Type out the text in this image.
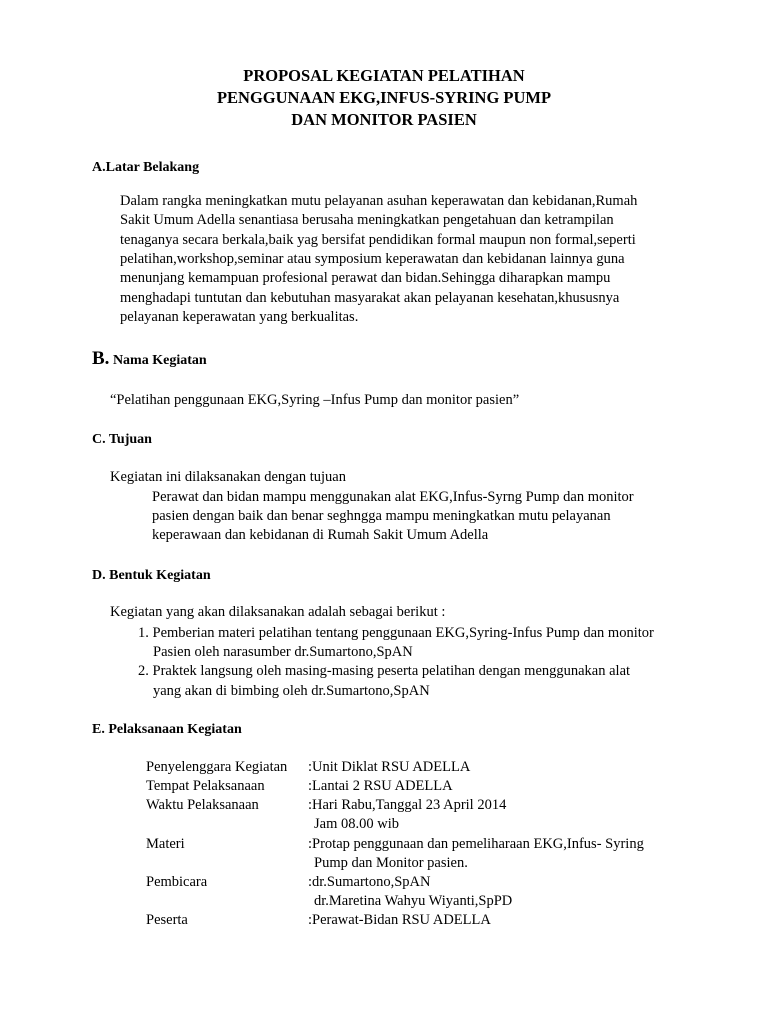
PROPOSAL KEGIATAN PELATIHAN
PENGGUNAAN EKG,INFUS-SYRING PUMP
DAN MONITOR PASIEN
A.Latar Belakang
Dalam rangka meningkatkan mutu pelayanan asuhan keperawatan dan kebidanan,Rumah
Sakit Umum Adella senantiasa berusaha meningkatkan pengetahuan dan ketrampilan
tenaganya secara berkala,baik yag bersifat pendidikan formal maupun non formal,seperti
pelatihan,workshop,seminar atau symposium keperawatan dan kebidanan lainnya guna
menunjang kemampuan profesional perawat dan bidan.Sehingga diharapkan mampu
menghadapi tuntutan dan kebutuhan masyarakat akan pelayanan kesehatan,khususnya
pelayanan keperawatan yang berkualitas.
B. Nama Kegiatan
“Pelatihan penggunaan EKG,Syring –Infus Pump dan monitor pasien”
C. Tujuan
Kegiatan ini dilaksanakan dengan tujuan
Perawat dan bidan mampu menggunakan alat EKG,Infus-Syrng Pump dan monitor
pasien dengan baik dan benar seghngga mampu meningkatkan mutu pelayanan
keperawaan dan kebidanan di Rumah Sakit Umum Adella
D. Bentuk Kegiatan
Kegiatan yang akan dilaksanakan adalah sebagai berikut :
1. Pemberian materi pelatihan tentang penggunaan EKG,Syring-Infus Pump dan monitor
Pasien oleh narasumber dr.Sumartono,SpAN
2. Praktek langsung oleh masing-masing peserta pelatihan dengan menggunakan alat
yang akan di bimbing oleh dr.Sumartono,SpAN
E. Pelaksanaan Kegiatan
Penyelenggara Kegiatan :Unit Diklat RSU ADELLA
Tempat Pelaksanaan	:Lantai 2 RSU ADELLA
Waktu Pelaksanaan	:Hari Rabu,Tanggal 23 April 2014
Jam 08.00 wib
Materi	:Protap penggunaan dan pemeliharaan EKG,Infus- Syring
Pump dan Monitor pasien.
Pembicara	:dr.Sumartono,SpAN
dr.Maretina Wahyu Wiyanti,SpPD
Peserta	:Perawat-Bidan RSU ADELLA
